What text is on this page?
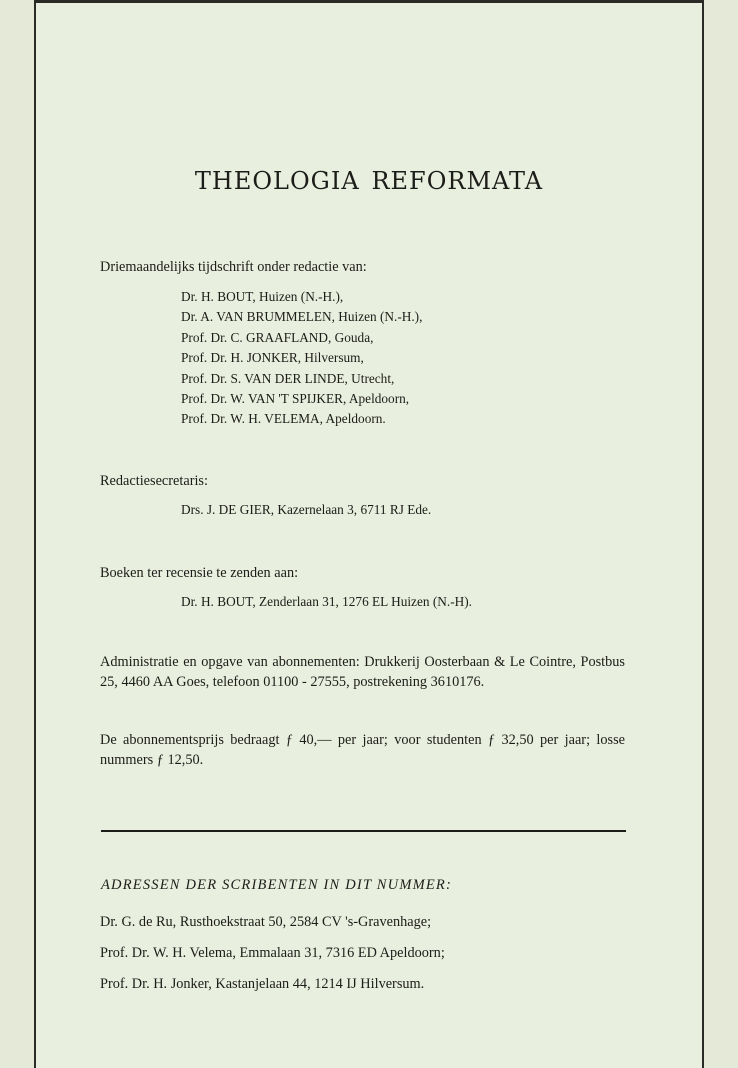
theologia reformata
Driemaandelijks tijdschrift onder redactie van:
Dr. H. BOUT, Huizen (N.-H.),
Dr. A. VAN BRUMMELEN, Huizen (N.-H.),
Prof. Dr. C. GRAAFLAND, Gouda,
Prof. Dr. H. JONKER, Hilversum,
Prof. Dr. S. VAN DER LINDE, Utrecht,
Prof. Dr. W. VAN 'T SPIJKER, Apeldoorn,
Prof. Dr. W. H. VELEMA, Apeldoorn.
Redactiesecretaris:
Drs. J. DE GIER, Kazernelaan 3, 6711 RJ Ede.
Boeken ter recensie te zenden aan:
Dr. H. BOUT, Zenderlaan 31, 1276 EL Huizen (N.-H).
Administratie en opgave van abonnementen: Drukkerij Oosterbaan & Le Cointre, Postbus 25, 4460 AA Goes, telefoon 01100 - 27555, postrekening 3610176.
De abonnementsprijs bedraagt ƒ 40,— per jaar; voor studenten ƒ 32,50 per jaar; losse nummers ƒ 12,50.
ADRESSEN DER SCRIBENTEN IN DIT NUMMER:
Dr. G. de Ru, Rusthoekstraat 50, 2584 CV 's-Gravenhage;
Prof. Dr. W. H. Velema, Emmalaan 31, 7316 ED Apeldoorn;
Prof. Dr. H. Jonker, Kastanjelaan 44, 1214 IJ Hilversum.
